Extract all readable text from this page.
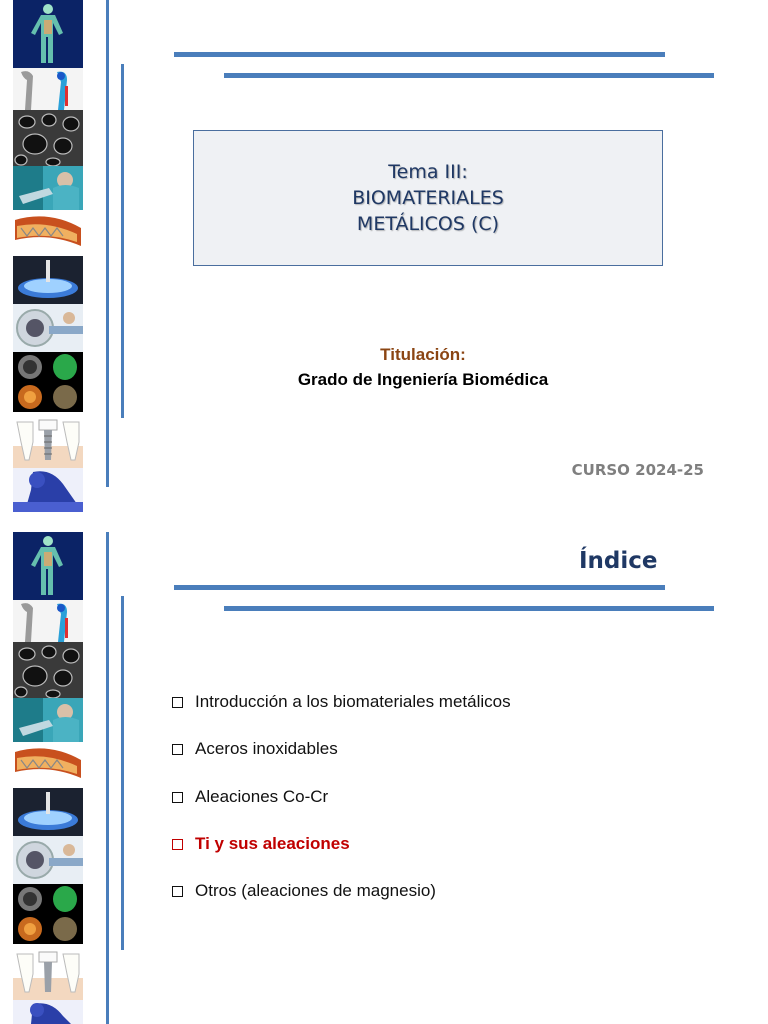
Tema III:
BIOMATERIALES
METÁLICOS (C)
Titulación:
Grado de Ingeniería Biomédica
CURSO 2024-25
Índice
Introducción a los biomateriales metálicos
Aceros inoxidables
Aleaciones Co-Cr
Ti y sus aleaciones
Otros (aleaciones de magnesio)
